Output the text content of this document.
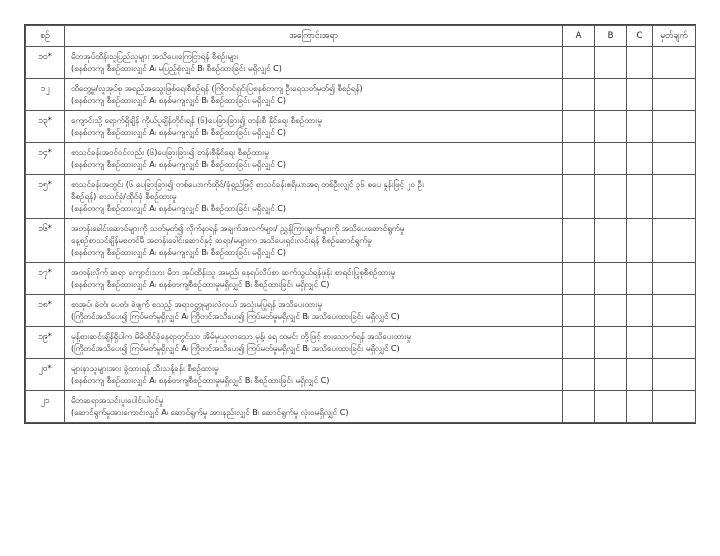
စဉ်	အကြောင်းအရာ	A	B	C	မှတ်ချက်
၁၀*	မိဘအုပ်ထိန်းသူပြည်သူများ အသိပေးကြေငြာရန် စီစဉ်းများ
(စနစ်တကျ စီစဉ်ထားလျှင် A၊ မပြည့်စုံလျှင် B၊ စီစဉ်ထားခြင်း မရှိလျှင် C)				

၁၂	ထိတွေ့မှု/လူအုပ်စု အရည်အသွေးဖြစ်ရေးစီစဉ်ရန် (ကြိုတင်ရှင်းပြစနစ်တကျ ဦးရေသတ်မှတ်၍ စီစဉ်ရန်)
(စနစ်တကျ စီစဉ်ထားလျှင် A၊ စနစ်မကျလျှင် B၊ စီစဉ်ထားခြင်း မရှိလျှင် C)				

၁၃*	ကျောင်းသို့ ရောက်ရှိချိန် ကိုယ်ပူချိန်တိုင်းရန် (၆)ပေခြားခြား၍ တန်းစီ နိုင်ရေး စီစဉ်ထားမှု
(စနစ်တကျ စီစဉ်ထားလျှင် A၊ စနစ်မကျလျှင် B၊ စီစဉ်ထားခြင်း မရှိလျှင် C)				

၁၄*	စာသင်ခန်းအဝင်ဝင်လည်း (၆)ပေခြားခြား၍ တန်းစီနိုင်ရေး စီစဉ်ထားမှု
(စနစ်တကျ စီစဉ်ထားလျှင် A၊ စနစ်မကျလျှင် B၊ စီစဉ်ထားခြင်း မရှိလျှင် C)				

၁၅*	စာသင်ခန်းအတွင်း (၆ ပေခြားခြား၍ တစ်ယောက်ထိုင်/ခုံရှည်ဖြင့် စာသင်ခန်းဧရိယာအရ တစ်ဦးလျှင် ၃၆ စပေ နှုန်းဖြင့် ၂၀ ဦး
စီစဉ်ရန်) စာသင်ခုံ/ထိုင်ခုံ စီစဉ်ထားမှု
(စနစ်တကျ စီစဉ်ထားလျှင် A၊ စနစ်မကျလျှင် B၊ စီစဉ်ထားခြင်း မရှိလျှင် C)				

၁၆*	အတန်းခေါင်းဆောင်များကို သတ်မှတ်၍ လိုက်နာရန် အချက်အလက်များ/ ညွှန်ကြားချက်များကို အသိပေးဆောင်ရွက်မှု
နေ့စဉ်စာသင်ချိန်မစတင်မီ အတန်းခေါင်းဆောင်နှင့် ဆရာ/မများက အသိပေးရှင်းလင်းရန် စီစဉ်ဆောင်ရွက်မှု
(စနစ်တကျ စီစဉ်ထားလျှင် A၊ စနစ်မကျလျှင် B၊ စီစဉ်ထားခြင်း မရှိလျှင် C)				

၁၇*	အတန်းလိုက် ဆရာ ကျောင်းသား မိဘ အုပ်ထိန်းသူ အမည်၊ နေရပ်လိပ်စာ ဆက်သွယ်ရန်ဖုန်း စာရင်းပြုစုစီစဉ်ထားမှု
(စနစ်တကျ စီစဉ်ထားလျှင် A၊ စနစ်တကျစီစဉ်ထားမှုမရှိလျှင် B၊ စီစဉ်ထားခြင်း မရှိလျှင် C)				

၁၈*	စာအုပ်၊ ခဲတံ၊ ပေတံ၊ ခဲဖျက် စသည့် အရာဝတ္ထုများလဲလှယ် အသုံးမပြုရန် အသိပေးထားမှု
(ကြိုတင်အသိပေး၍ ကြပ်မတ်မှုရှိလျှင် A၊ ကြိုတင်အသိပေး၍ ကြပ်မတ်မှုမရှိလျှင် B၊ အသိပေးထားခြင်း မရှိလျှင် C)				

၁၉*	မုန့်စားဆင်းချိန်ရှိပါက မိမိထိုင်ခုံနေရာတွင်သာ အိမ်မှယူလာသော မုန့်၊ ရေ ထမင်း တို့ဖြင့် စားသောက်ရန် အသိပေးထားမှု
(ကြိုတင်အသိပေး၍ ကြပ်မတ်မှုရှိလျှင် A၊ ကြိုတင်အသိပေး၍ ကြပ်မတ်မှုမရှိလျှင် B၊ အသိပေးထားခြင်း မရှိလျှင် C)				

၂၀*	များနာသူများအား ခွဲထားရန် သီးသန့်ခန်း စီစဉ်ထားမှု
(စနစ်တကျ စီစဉ်ထားလျှင် A၊ စနစ်တကျစီစဉ်ထားမှုမရှိလျှင် B၊ စီစဉ်ထားခြင်း မရှိလျှင် C)				

၂၁	မိဘဆရာအသင်းပူးပေါင်းပါဝင်မှု
(ဆောင်ရွက်မှုအားကောင်းလျှင် A၊ ဆောင်ရွက်မှု အားနည်းလျှင် B၊ ဆောင်ရွက်မှု လုံးဝမရှိလျှင် C)				
